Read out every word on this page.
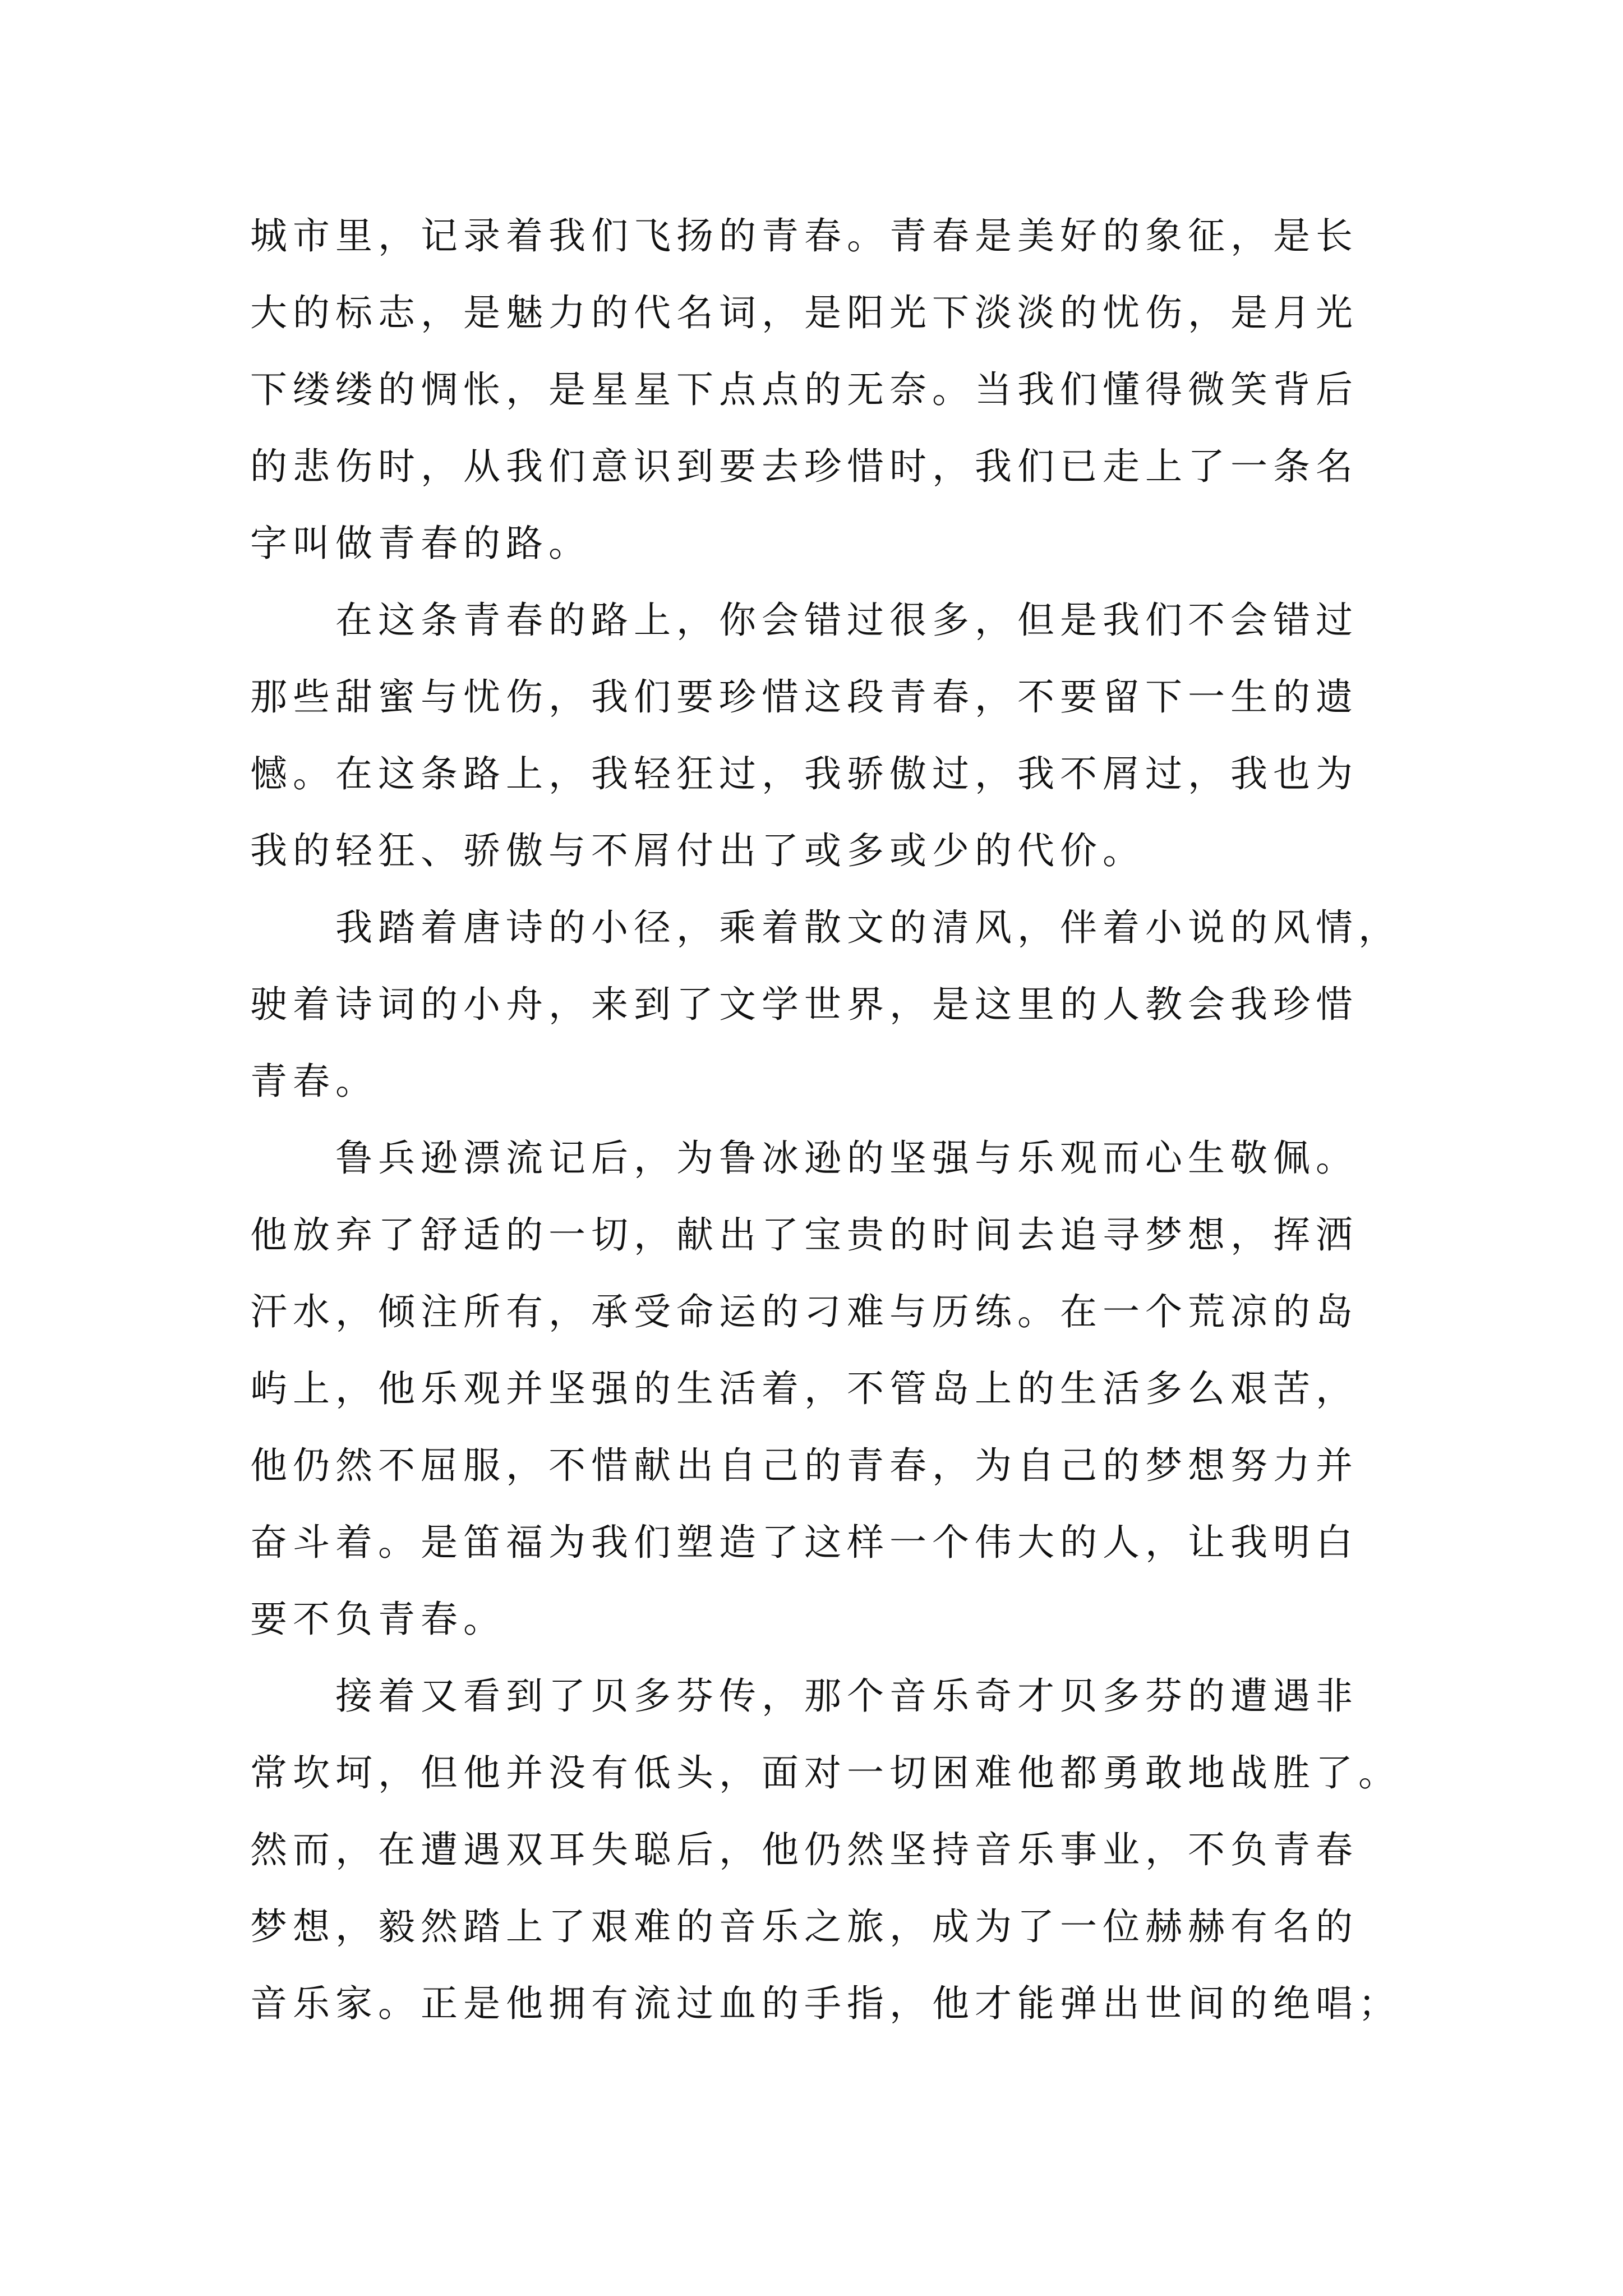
城市里，记录着我们飞扬的青春。青春是美好的象征，是长
大的标志，是魅力的代名词，是阳光下淡淡的忧伤，是月光
下缕缕的惆怅，是星星下点点的无奈。当我们懂得微笑背后
的悲伤时，从我们意识到要去珍惜时，我们已走上了一条名
字叫做青春的路。
在这条青春的路上，你会错过很多，但是我们不会错过
那些甜蜜与忧伤，我们要珍惜这段青春，不要留下一生的遗
憾。在这条路上，我轻狂过，我骄傲过，我不屑过，我也为
我的轻狂、骄傲与不屑付出了或多或少的代价。
我踏着唐诗的小径，乘着散文的清风，伴着小说的风情，
驶着诗词的小舟，来到了文学世界，是这里的人教会我珍惜
青春。
鲁兵逊漂流记后，为鲁冰逊的坚强与乐观而心生敬佩。
他放弃了舒适的一切，献出了宝贵的时间去追寻梦想，挥洒
汗水，倾注所有，承受命运的刁难与历练。在一个荒凉的岛
屿上，他乐观并坚强的生活着，不管岛上的生活多么艰苦，
他仍然不屈服，不惜献出自己的青春，为自己的梦想努力并
奋斗着。是笛福为我们塑造了这样一个伟大的人，让我明白
要不负青春。
接着又看到了贝多芬传，那个音乐奇才贝多芬的遭遇非
常坎坷，但他并没有低头，面对一切困难他都勇敢地战胜了。
然而，在遭遇双耳失聪后，他仍然坚持音乐事业，不负青春
梦想，毅然踏上了艰难的音乐之旅，成为了一位赫赫有名的
音乐家。正是他拥有流过血的手指，他才能弹出世间的绝唱；
